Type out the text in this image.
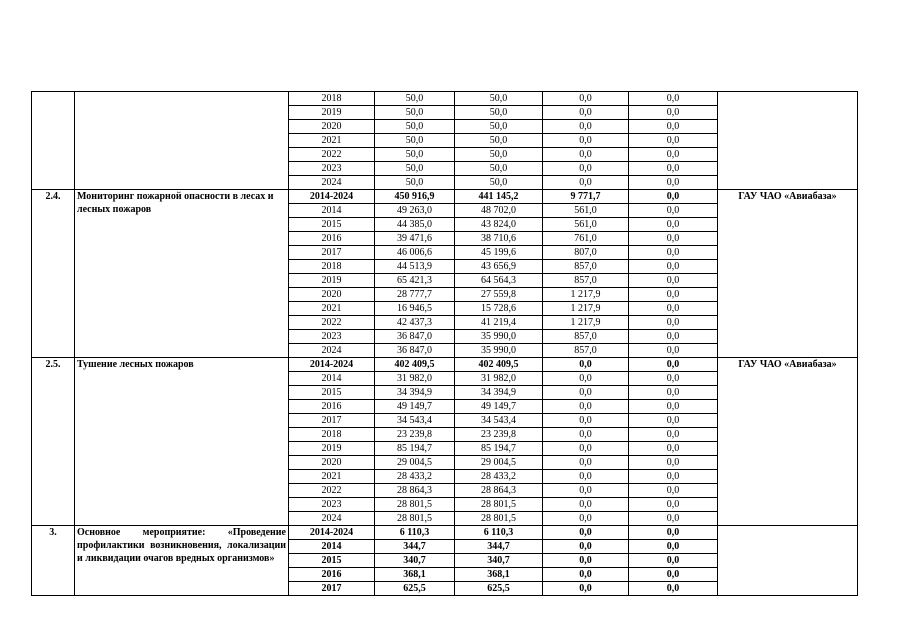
		2018	50,0	50,0	0,0	0,0	
		2019	50,0	50,0	0,0	0,0	
		2020	50,0	50,0	0,0	0,0	
		2021	50,0	50,0	0,0	0,0	
		2022	50,0	50,0	0,0	0,0	
		2023	50,0	50,0	0,0	0,0	
		2024	50,0	50,0	0,0	0,0	
2.4.	Мониторинг пожарной опасности в лесах и лесных пожаров	2014-2024	450 916,9	441 145,2	9 771,7	0,0	ГАУ ЧАО «Авиабаза»
		2014	49 263,0	48 702,0	561,0	0,0	
		2015	44 385,0	43 824,0	561,0	0,0	
		2016	39 471,6	38 710,6	761,0	0,0	
		2017	46 006,6	45 199,6	807,0	0,0	
		2018	44 513,9	43 656,9	857,0	0,0	
		2019	65 421,3	64 564,3	857,0	0,0	
		2020	28 777,7	27 559,8	1 217,9	0,0	
		2021	16 946,5	15 728,6	1 217,9	0,0	
		2022	42 437,3	41 219,4	1 217,9	0,0	
		2023	36 847,0	35 990,0	857,0	0,0	
		2024	36 847,0	35 990,0	857,0	0,0	
2.5.	Тушение лесных пожаров	2014-2024	402 409,5	402 409,5	0,0	0,0	ГАУ ЧАО «Авиабаза»
		2014	31 982,0	31 982,0	0,0	0,0	
		2015	34 394,9	34 394,9	0,0	0,0	
		2016	49 149,7	49 149,7	0,0	0,0	
		2017	34 543,4	34 543,4	0,0	0,0	
		2018	23 239,8	23 239,8	0,0	0,0	
		2019	85 194,7	85 194,7	0,0	0,0	
		2020	29 004,5	29 004,5	0,0	0,0	
		2021	28 433,2	28 433,2	0,0	0,0	
		2022	28 864,3	28 864,3	0,0	0,0	
		2023	28 801,5	28 801,5	0,0	0,0	
		2024	28 801,5	28 801,5	0,0	0,0	
3.	Основное мероприятие: «Проведение профилактики возникновения, локализации и ликвидации очагов вредных организмов»	2014-2024	6 110,3	6 110,3	0,0	0,0	
		2014	344,7	344,7	0,0	0,0	
		2015	340,7	340,7	0,0	0,0	
		2016	368,1	368,1	0,0	0,0	
		2017	625,5	625,5	0,0	0,0	
